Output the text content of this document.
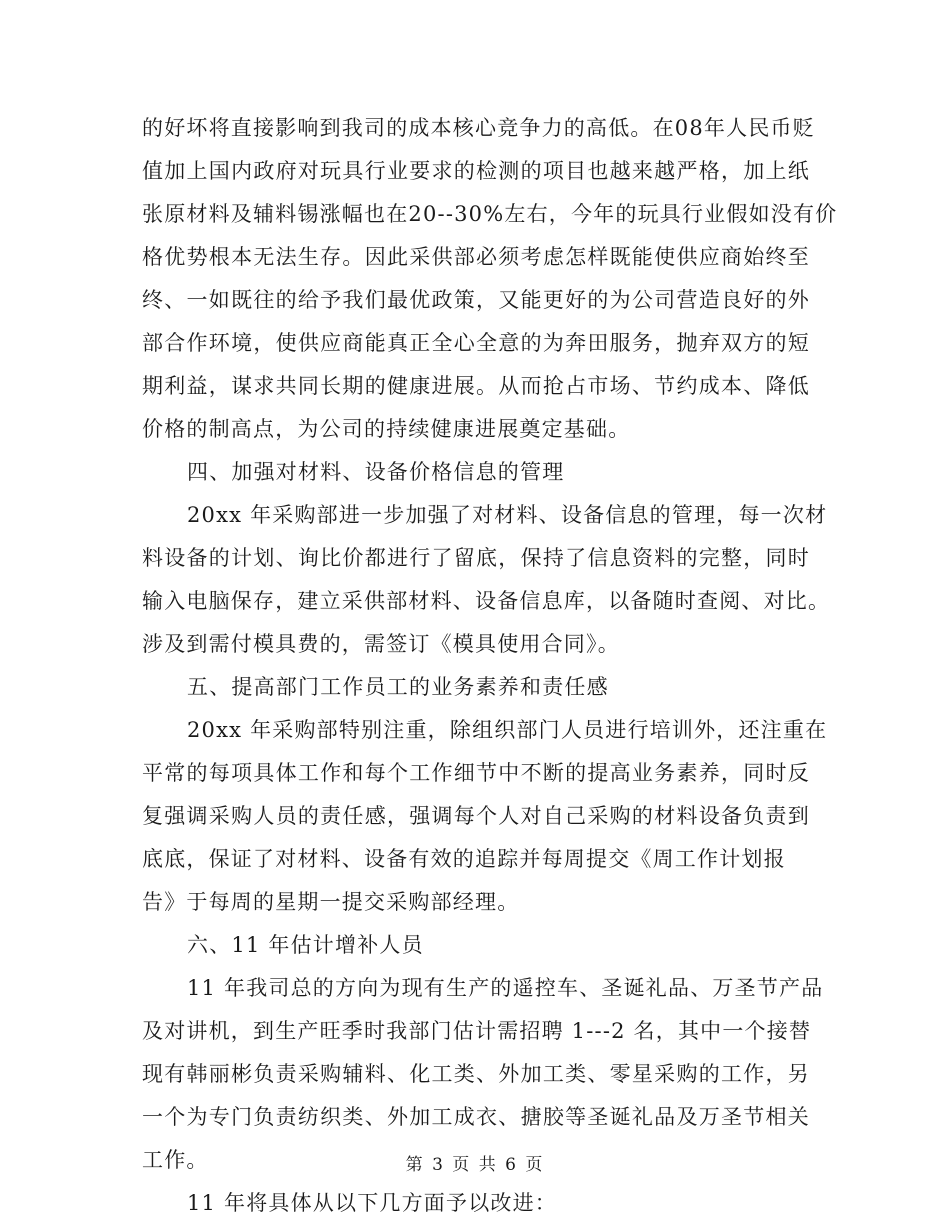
的好坏将直接影响到我司的成本核心竞争力的高低。在08年人民币贬
值加上国内政府对玩具行业要求的检测的项目也越来越严格，加上纸
张原材料及辅料锡涨幅也在20--30%左右，今年的玩具行业假如没有价
格优势根本无法生存。因此采供部必须考虑怎样既能使供应商始终至
终、一如既往的给予我们最优政策，又能更好的为公司营造良好的外
部合作环境，使供应商能真正全心全意的为奔田服务，抛弃双方的短
期利益，谋求共同长期的健康进展。从而抢占市场、节约成本、降低
价格的制高点，为公司的持续健康进展奠定基础。
四、加强对材料、设备价格信息的管理
20xx 年采购部进一步加强了对材料、设备信息的管理，每一次材
料设备的计划、询比价都进行了留底，保持了信息资料的完整，同时
输入电脑保存，建立采供部材料、设备信息库，以备随时查阅、对比。
涉及到需付模具费的，需签订《模具使用合同》。
五、提高部门工作员工的业务素养和责任感
20xx 年采购部特别注重，除组织部门人员进行培训外，还注重在
平常的每项具体工作和每个工作细节中不断的提高业务素养，同时反
复强调采购人员的责任感，强调每个人对自己采购的材料设备负责到
底底，保证了对材料、设备有效的追踪并每周提交《周工作计划报
告》于每周的星期一提交采购部经理。
六、11 年估计增补人员
11 年我司总的方向为现有生产的遥控车、圣诞礼品、万圣节产品
及对讲机，到生产旺季时我部门估计需招聘 1---2 名，其中一个接替
现有韩丽彬负责采购辅料、化工类、外加工类、零星采购的工作，另
一个为专门负责纺织类、外加工成衣、搪胶等圣诞礼品及万圣节相关
工作。
11 年将具体从以下几方面予以改进：
第 3 页 共 6 页
